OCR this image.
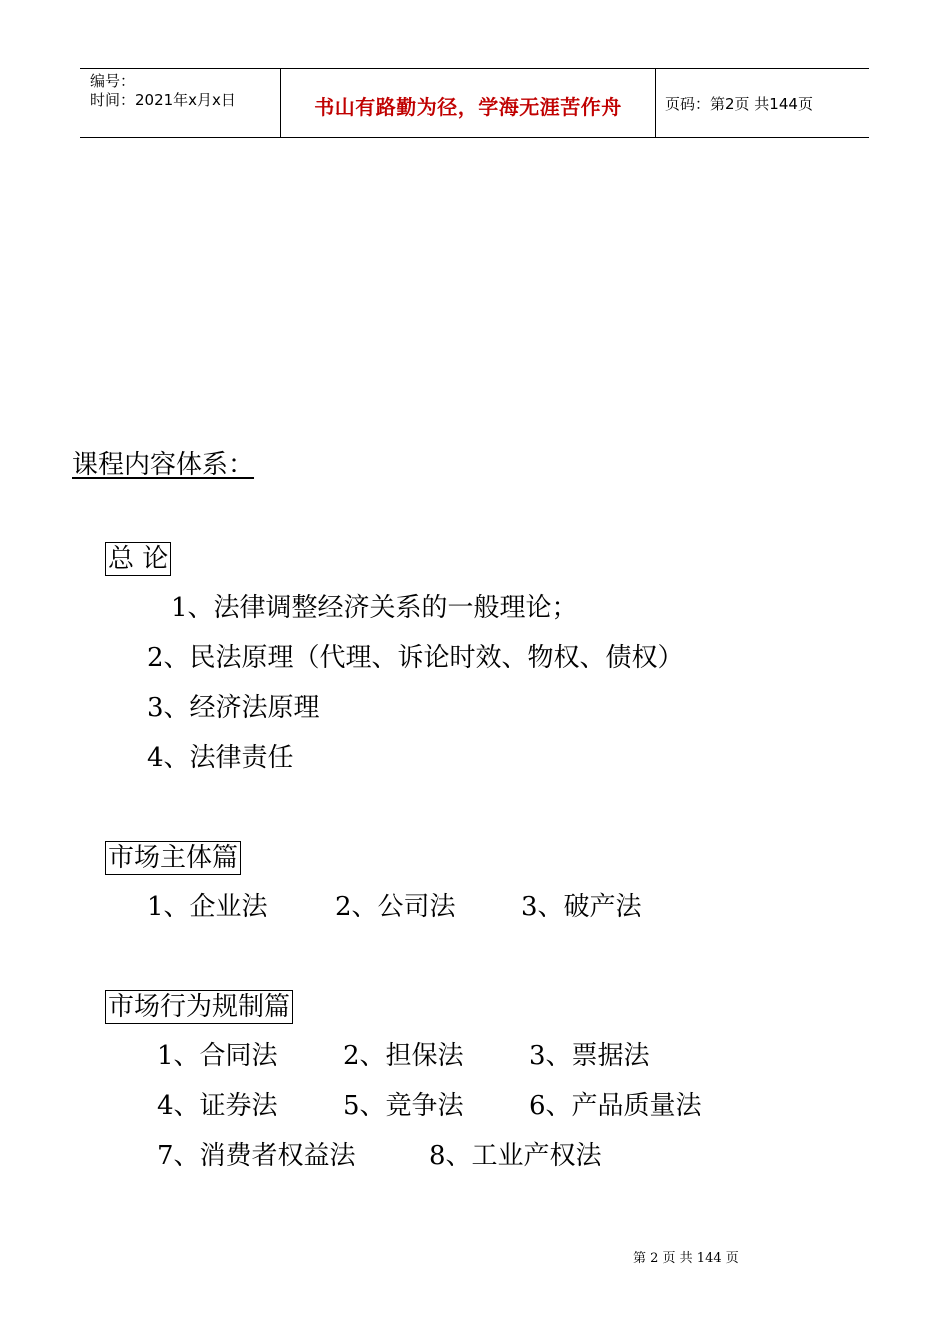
编号：
时间：2021年x月x日	书山有路勤为径，学海无涯苦作舟	页码：第2页 共144页
课程内容体系：
总 论
1、法律调整经济关系的一般理论；
2、民法原理（代理、诉论时效、物权、债权）
3、经济法原理
4、法律责任
市场主体篇
1、企业法	2、公司法	3、破产法
市场行为规制篇
1、合同法	2、担保法	3、票据法
4、证券法	5、竞争法	6、产品质量法
7、消费者权益法	8、工业产权法
第 2 页 共 144 页
